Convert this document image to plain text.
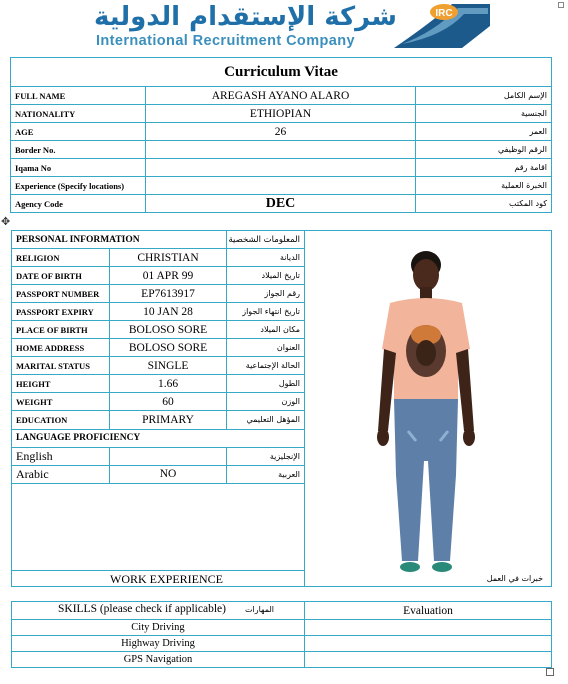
شركة الإستقدام الدولية
International Recruitment Company
IRC
Curriculum Vitae		
FULL NAME	AREGASH AYANO ALARO	الإسم الكامل
NATIONALITY	ETHIOPIAN	الجنسية
AGE	26	العمر
Border No.		الرقم الوظيفي
Iqama No		اقامة رقم
Experience (Specify locations)		الخبرة العملية
Agency Code	DEC	كود المكتب
✥
PERSONAL INFORMATION		المعلومات الشخصية	
RELIGION	CHRISTIAN	الديانة	
DATE OF BIRTH	01 APR 99	تاريخ الميلاد	
PASSPORT NUMBER	EP7613917	رقم الجواز	
PASSPORT EXPIRY	10 JAN 28	تاريخ انتهاء الجواز	
PLACE OF BIRTH	BOLOSO SORE	مكان الميلاد	
HOME ADDRESS	BOLOSO SORE	العنوان	
MARITAL STATUS	SINGLE	الحالة الإجتماعية	
HEIGHT	1.66	الطول	
WEIGHT	60	الوزن	
EDUCATION	PRIMARY	المؤهل التعليمي	
LANGUAGE PROFICIENCY			
English		الإنجليزية	
Arabic	NO	العربية	

WORK EXPERIENCE خبرات في العمل			
SKILLS (please check if applicable) المهارات	Evaluation
City Driving	
Highway Driving	
GPS Navigation	
